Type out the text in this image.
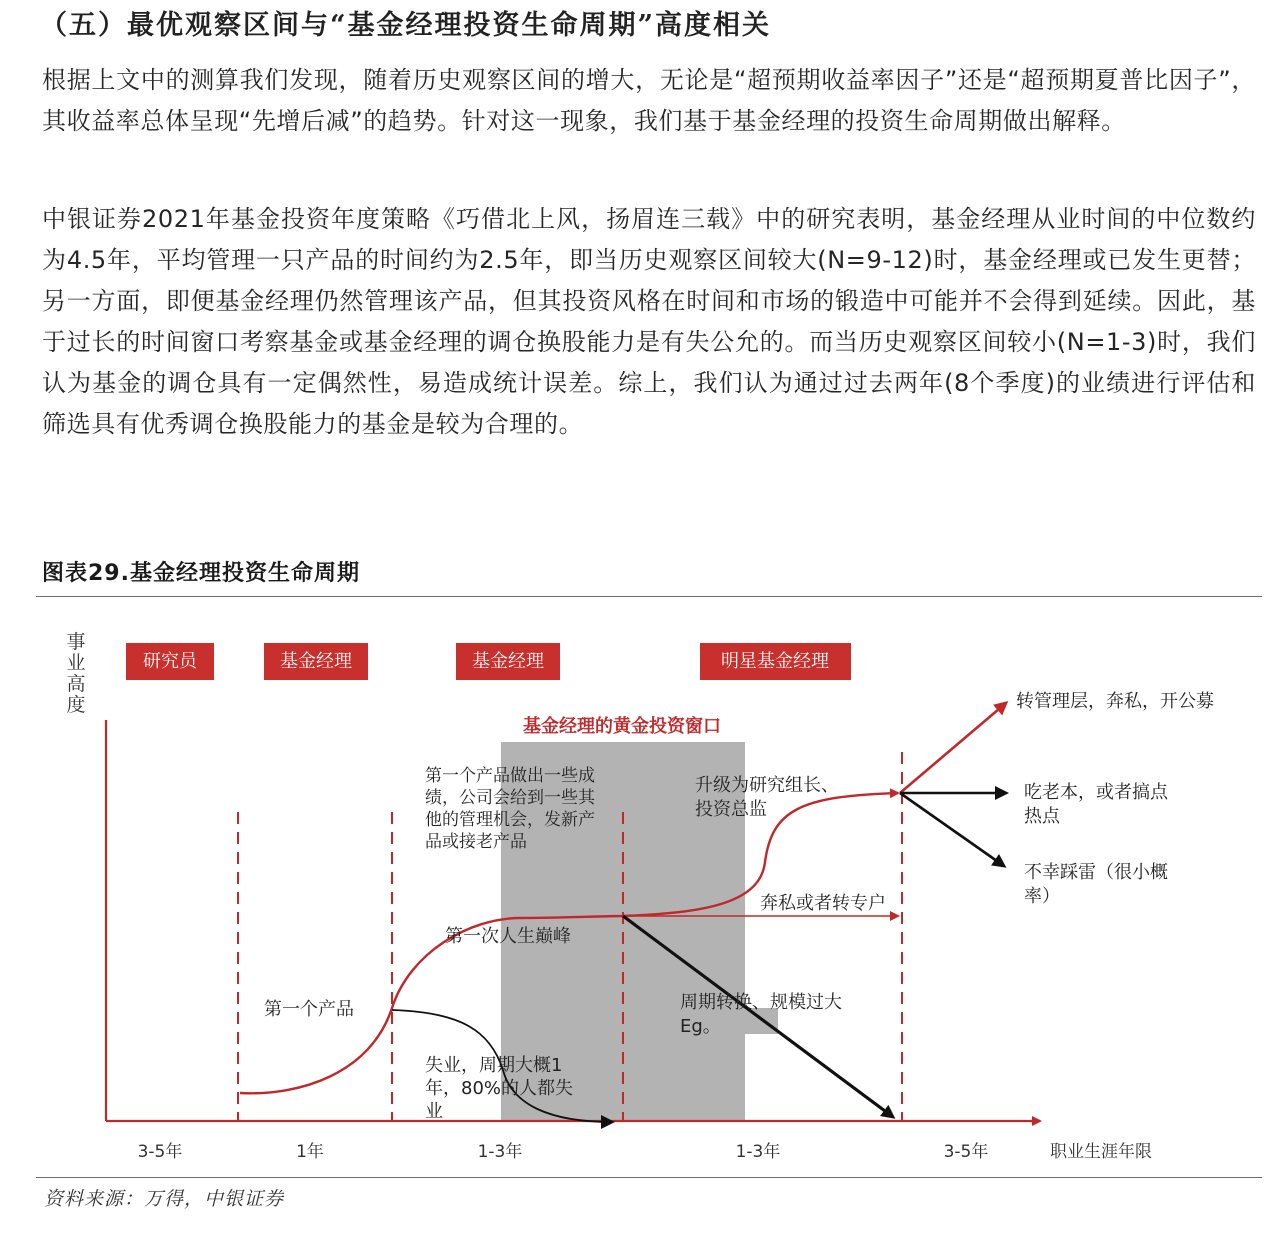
（五）最优观察区间与“基金经理投资生命周期”高度相关

根据上文中的测算我们发现，随着历史观察区间的增大，无论是“超预期收益率因子”还是“超预期夏普比因子”，其收益率总体呈现“先增后减”的趋势。针对这一现象，我们基于基金经理的投资生命周期做出解释。

中银证券2021年基金投资年度策略《巧借北上风，扬眉连三载》中的研究表明，基金经理从业时间的中位数约为4.5年，平均管理一只产品的时间约为2.5年，即当历史观察区间较大(N=9-12)时，基金经理或已发生更替；另一方面，即便基金经理仍然管理该产品，但其投资风格在时间和市场的锻造中可能并不会得到延续。因此，基于过长的时间窗口考察基金或基金经理的调仓换股能力是有失公允的。而当历史观察区间较小(N=1-3)时，我们认为基金的调仓具有一定偶然性，易造成统计误差。综上，我们认为通过过去两年(8个季度)的业绩进行评估和筛选具有优秀调仓换股能力的基金是较为合理的。

图表29.基金经理投资生命周期
研究员	基金经理	基金经理	明星基金经理
事
业
高
度
基金经理的黄金投资窗口
第一个产品做出一些成
绩，公司会给到一些其
他的管理机会，发新产
品或接老产品
升级为研究组长、
投资总监
奔私或者转专户
第一次人生巅峰
第一个产品
失业，周期大概1
年，80%的人都失
业
周期转换、规模过大
Eg。
转管理层，奔私，开公募
吃老本，或者搞点
热点
不幸踩雷（很小概
率）
3-5年	1年	1-3年	1-3年	3-5年	职业生涯年限
资料来源：万得，中银证券
